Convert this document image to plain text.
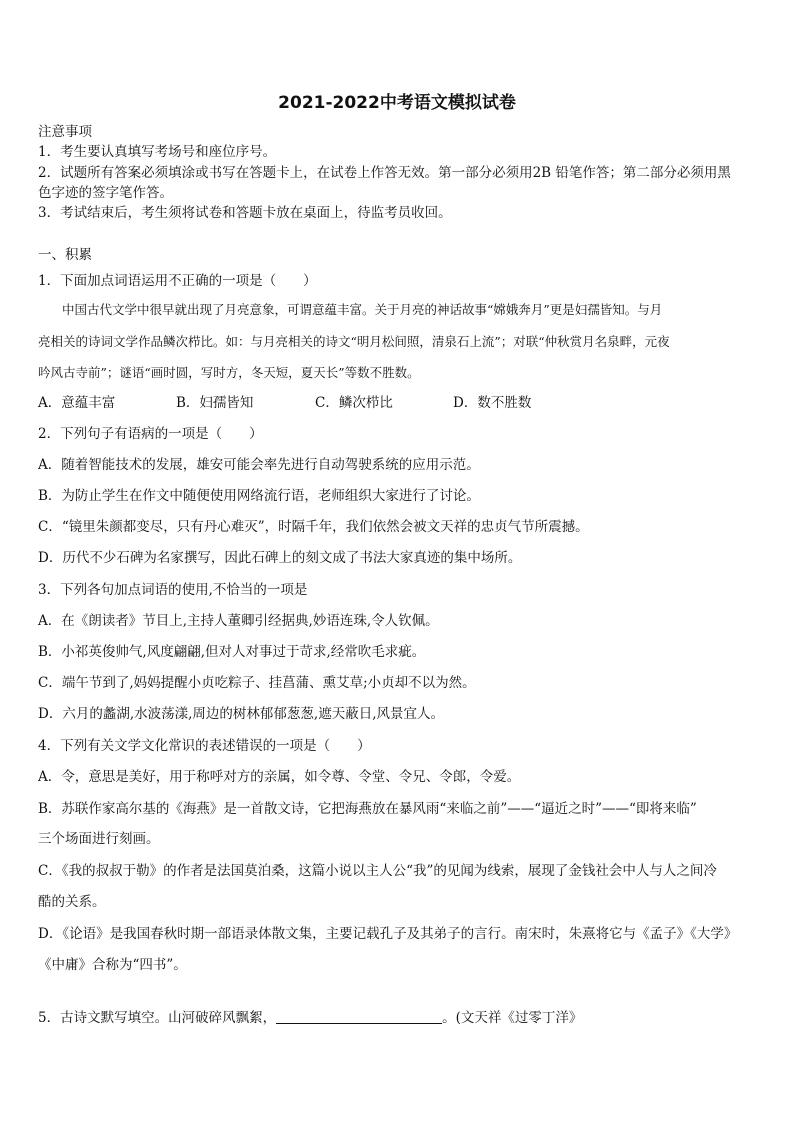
2021-2022中考语文模拟试卷
注意事项
1．考生要认真填写考场号和座位序号。
2．试题所有答案必须填涂或书写在答题卡上，在试卷上作答无效。第一部分必须用2B 铅笔作答；第二部分必须用黑
色字迹的签字笔作答。
3．考试结束后，考生须将试卷和答题卡放在桌面上，待监考员收回。
一、积累
1．下面加点词语运用不正确的一项是（　　）
中国古代文学中很早就出现了月亮意象，可谓意蕴丰富。关于月亮的神话故事“嫦娥奔月”更是妇孺皆知。与月
亮相关的诗词文学作品鳞次栉比。如：与月亮相关的诗文“明月松间照，清泉石上流”；对联“仲秋赏月名泉畔，元夜
吟风古寺前”；谜语“画时圆，写时方，冬天短，夏天长”等数不胜数。
A．意蕴丰富	B．妇孺皆知	C．鳞次栉比	D．数不胜数
2．下列句子有语病的一项是（　　）
A．随着智能技术的发展，雄安可能会率先进行自动驾驶系统的应用示范。
B．为防止学生在作文中随便使用网络流行语，老师组织大家进行了讨论。
C．“镜里朱颜都变尽，只有丹心难灭”，时隔千年，我们依然会被文天祥的忠贞气节所震撼。
D．历代不少石碑为名家撰写，因此石碑上的刻文成了书法大家真迹的集中场所。
3．下列各句加点词语的使用,不恰当的一项是
A．在《朗读者》节目上,主持人董卿引经据典,妙语连珠,令人钦佩。
B．小祁英俊帅气,风度翩翩,但对人对事过于苛求,经常吹毛求疵。
C．端午节到了,妈妈提醒小贞吃粽子、挂菖蒲、熏艾草;小贞却不以为然。
D．六月的蠡湖,水波荡漾,周边的树林郁郁葱葱,遮天蔽日,风景宜人。
4．下列有关文学文化常识的表述错误的一项是（　　）
A．令，意思是美好，用于称呼对方的亲属，如令尊、令堂、令兄、令郎，令爱。
B．苏联作家高尔基的《海燕》是一首散文诗，它把海燕放在暴风雨“来临之前”——“逼近之时”——“即将来临”
三个场面进行刻画。
C．《我的叔叔于勒》的作者是法国莫泊桑，这篇小说以主人公“我”的见闻为线索，展现了金钱社会中人与人之间冷
酷的关系。
D．《论语》是我国春秋时期一部语录体散文集，主要记载孔子及其弟子的言行。南宋时，朱熹将它与《孟子》《大学》
《中庸》合称为“四书”。
5．古诗文默写填空。山河破碎风飘絮，	。(文天祥《过零丁洋》
